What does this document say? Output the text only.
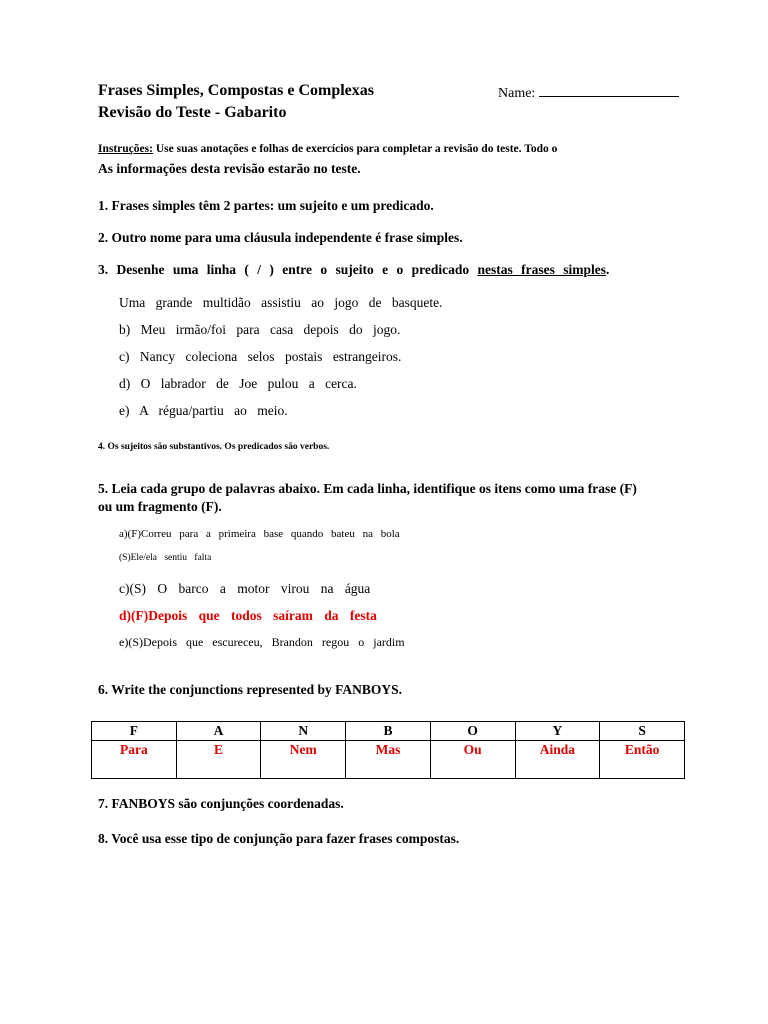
Frases Simples, Compostas e Complexas
Revisão do Teste - Gabarito
Name:
Instruções: Use suas anotações e folhas de exercícios para completar a revisão do teste. Todo o
As informações desta revisão estarão no teste.
1. Frases simples têm 2 partes: um sujeito e um predicado.
2. Outro nome para uma cláusula independente é frase simples.
3. Desenhe uma linha ( / ) entre o sujeito e o predicado nestas frases simples.
Uma grande multidão assistiu ao jogo de basquete.
b) Meu irmão/foi para casa depois do jogo.
c) Nancy coleciona selos postais estrangeiros.
d) O labrador de Joe pulou a cerca.
e) A régua/partiu ao meio.
4. Os sujeitos são substantivos. Os predicados são verbos.
5. Leia cada grupo de palavras abaixo. Em cada linha, identifique os itens como uma frase (F)
ou um fragmento (F).
a)(F)Correu para a primeira base quando bateu na bola
(S)Ele/ela sentiu falta
c)(S) O barco a motor virou na água
d)(F)Depois que todos saíram da festa
e)(S)Depois que escureceu, Brandon regou o jardim
6. Write the conjunctions represented by FANBOYS.
F	A	N	B	O	Y	S
Para	E	Nem	Mas	Ou	Ainda	Então
7. FANBOYS são conjunções coordenadas.
8. Você usa esse tipo de conjunção para fazer frases compostas.
